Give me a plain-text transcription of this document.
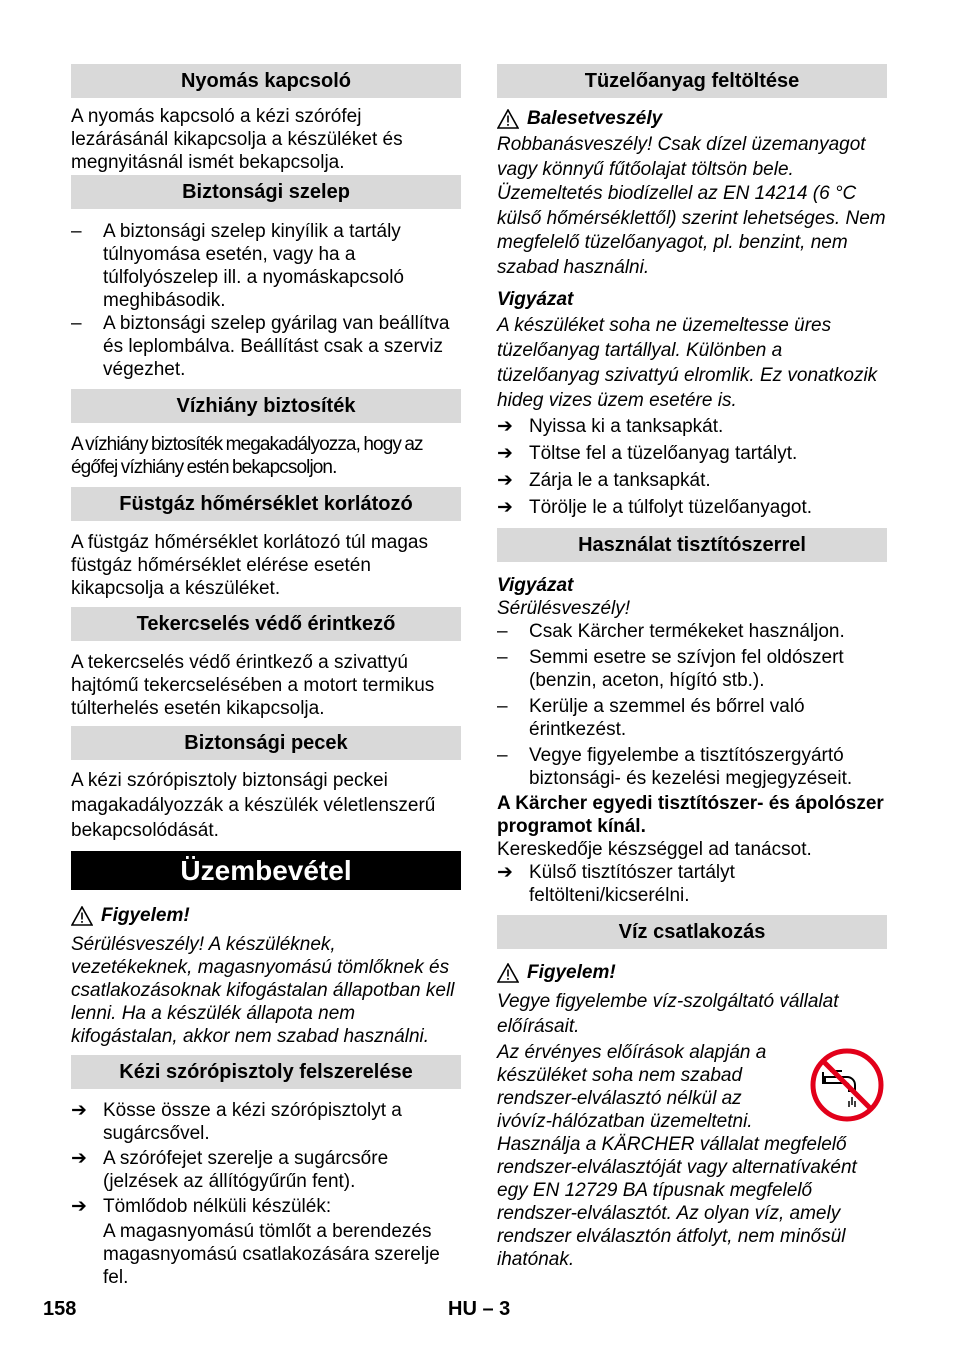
Nyomás kapcsoló

A nyomás kapcsoló a kézi szórófej lezárásánál kikapcsolja a készüléket és megnyitásnál ismét bekapcsolja.

Biztonsági szelep
–	A biztonsági szelep kinyílik a tartály túlnyomása esetén, vagy ha a túlfolyószelep ill. a nyomáskapcsoló meghibásodik.
–	A biztonsági szelep gyárilag van beállítva és leplombálva. Beállítást csak a szerviz végezhet.
Vízhiány biztosíték

A vízhiány biztosíték megakadályozza, hogy az égőfej vízhiány estén bekapcsoljon.

Füstgáz hőmérséklet korlátozó

A füstgáz hőmérséklet korlátozó túl magas füstgáz hőmérséklet elérése esetén kikapcsolja a készüléket.

Tekercselés védő érintkező

A tekercselés védő érintkező a szivattyú hajtómű tekercselésében a motort termikus túlterhelés esetén kikapcsolja.

Biztonsági pecek

A kézi szórópisztoly biztonsági peckei magakadályozzák a készülék véletlenszerű bekapcsolódását.

Üzembevétel
Figyelem!

Sérülésveszély! A készüléknek, vezetékeknek, magasnyomású tömlőknek és csatlakozásoknak kifogástalan állapotban kell lenni. Ha a készülék állapota nem kifogástalan, akkor nem szabad használni.

Kézi szórópisztoly felszerelése
➔ Kösse össze a kézi szórópisztolyt a sugárcsővel.
➔ A szórófejet szerelje a sugárcsőre (jelzések az állítógyűrűn fent).
➔ Tömlődob nélküli készülék:

A magasnyomású tömlőt a berendezés magasnyomású csatlakozására szerelje fel.

Tüzelőanyag feltöltése
Balesetveszély

Robbanásveszély! Csak dízel üzemanyagot vagy könnyű fűtőolajat töltsön bele. Üzemeltetés biodízellel az EN 14214 (6 °C külső hőmérséklettől) szerint lehetséges. Nem megfelelő tüzelőanyagot, pl. benzint, nem szabad használni.

Vigyázat

A készüléket soha ne üzemeltesse üres tüzelőanyag tartállyal. Különben a tüzelőanyag szivattyú elromlik. Ez vonatkozik hideg vizes üzem esetére is.

➔ Nyissa ki a tanksapkát.
➔ Töltse fel a tüzelőanyag tartályt.
➔ Zárja le a tanksapkát.
➔ Törölje le a túlfolyt tüzelőanyagot.
Használat tisztítószerrel

Vigyázat

Sérülésveszély!

–	Csak Kärcher termékeket használjon.
–	Semmi esetre se szívjon fel oldószert (benzin, aceton, hígító stb.).
–	Kerülje a szemmel és bőrrel való érintkezést.
–	Vegye figyelembe a tisztítószergyártó biztonsági- és kezelési megjegyzéseit.

A Kärcher egyedi tisztítószer- és ápolószer programot kínál.

Kereskedője készséggel ad tanácsot.

➔ Külső tisztítószer tartályt feltölteni/kicserélni.
Víz csatlakozás
Figyelem!

Vegye figyelembe víz-szolgáltató vállalat előírásait.

Az érvényes előírások alapján a készüléket soha nem szabad rendszer-elválasztó nélkül az ivóvíz-hálózatban üzemeltetni. Használja a KÄRCHER vállalat megfelelő rendszer-elválasztóját vagy alternatívaként egy EN 12729 BA típusnak megfelelő rendszer-elválasztót. Az olyan víz, amely rendszer elválasztón átfolyt, nem minősül ihatónak.

158	HU – 3
